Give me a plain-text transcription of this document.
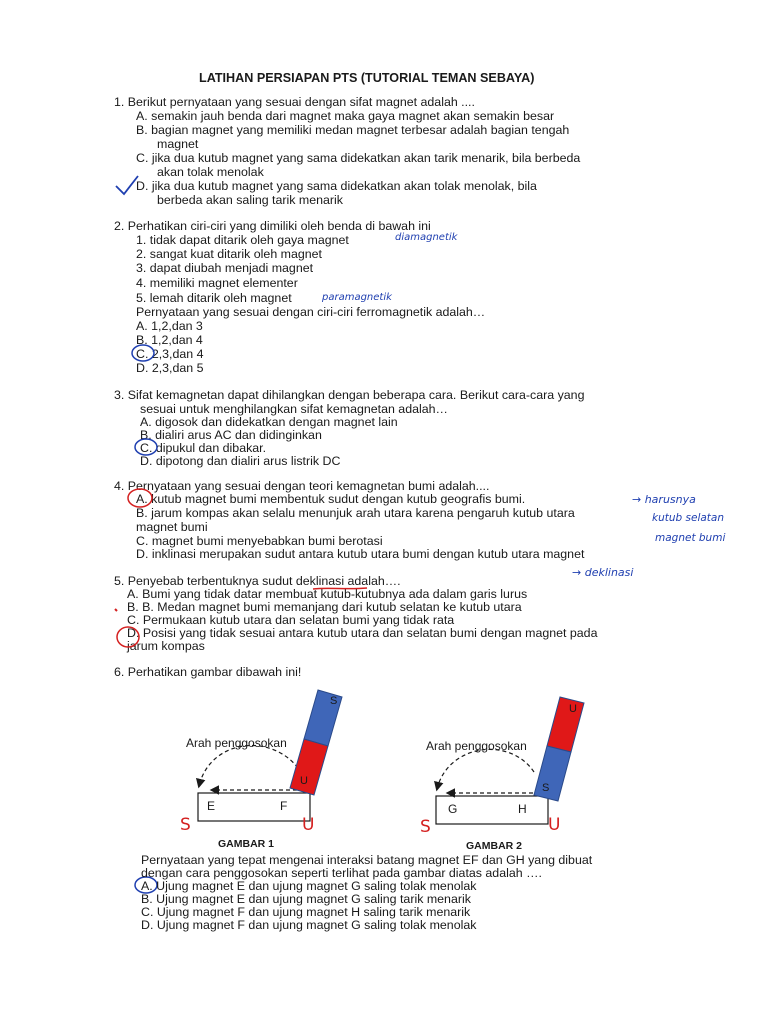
LATIHAN PERSIAPAN PTS (TUTORIAL TEMAN SEBAYA)
1. Berikut pernyataan yang sesuai dengan sifat magnet adalah ....
A. semakin jauh benda dari magnet maka gaya magnet akan semakin besar
B. bagian magnet yang memiliki medan magnet terbesar adalah bagian tengah
magnet
C. jika dua kutub magnet yang sama didekatkan akan tarik menarik, bila berbeda
akan tolak menolak
D. jika dua kutub magnet yang sama didekatkan akan tolak menolak, bila
berbeda akan saling tarik menarik
2. Perhatikan ciri-ciri yang dimiliki oleh benda di bawah ini
1. tidak dapat ditarik oleh gaya magnet
2. sangat kuat ditarik oleh magnet
3. dapat diubah menjadi magnet
4. memiliki magnet elementer
5. lemah ditarik oleh magnet
Pernyataan yang sesuai dengan ciri-ciri ferromagnetik adalah…
A. 1,2,dan 3
B. 1,2,dan 4
C. 2,3,dan 4
D. 2,3,dan 5
3. Sifat kemagnetan dapat dihilangkan dengan beberapa cara. Berikut cara-cara yang
sesuai untuk menghilangkan sifat kemagnetan adalah…
A. digosok dan didekatkan dengan magnet lain
B. dialiri arus AC dan didinginkan
C. dipukul dan dibakar.
D. dipotong dan dialiri arus listrik DC
4. Pernyataan yang sesuai dengan teori kemagnetan bumi adalah....
A. kutub magnet bumi membentuk sudut dengan kutub geografis bumi.
B. jarum kompas akan selalu menunjuk arah utara karena pengaruh kutub utara
magnet bumi
C. magnet bumi menyebabkan bumi berotasi
D. inklinasi merupakan sudut antara kutub utara bumi dengan kutub utara magnet
5. Penyebab terbentuknya sudut deklinasi adalah….
A. Bumi yang tidak datar membuat kutub-kutubnya ada dalam garis lurus
B. B. Medan magnet bumi memanjang dari kutub selatan ke kutub utara
C. Permukaan kutub utara dan selatan bumi yang tidak rata
D. Posisi yang tidak sesuai antara kutub utara dan selatan bumi dengan magnet pada
jarum kompas
6. Perhatikan gambar dibawah ini!
E	F
S
U
Arah penggosokan
G	H
U
S
Arah penggosokan
diamagnetik
paramagnetik
→ harusnya
kutub selatan
magnet bumi
→ deklinasi
S	U	S	U
GAMBAR 1	GAMBAR 2
Pernyataan yang tepat mengenai interaksi batang magnet EF dan GH yang dibuat
dengan cara penggosokan seperti terlihat pada gambar diatas adalah ….
A. Ujung magnet E dan ujung magnet G saling tolak menolak
B. Ujung magnet E dan ujung magnet G saling tarik menarik
C. Ujung magnet F dan ujung magnet H saling tarik menarik
D. Ujung magnet F dan ujung magnet G saling tolak menolak
